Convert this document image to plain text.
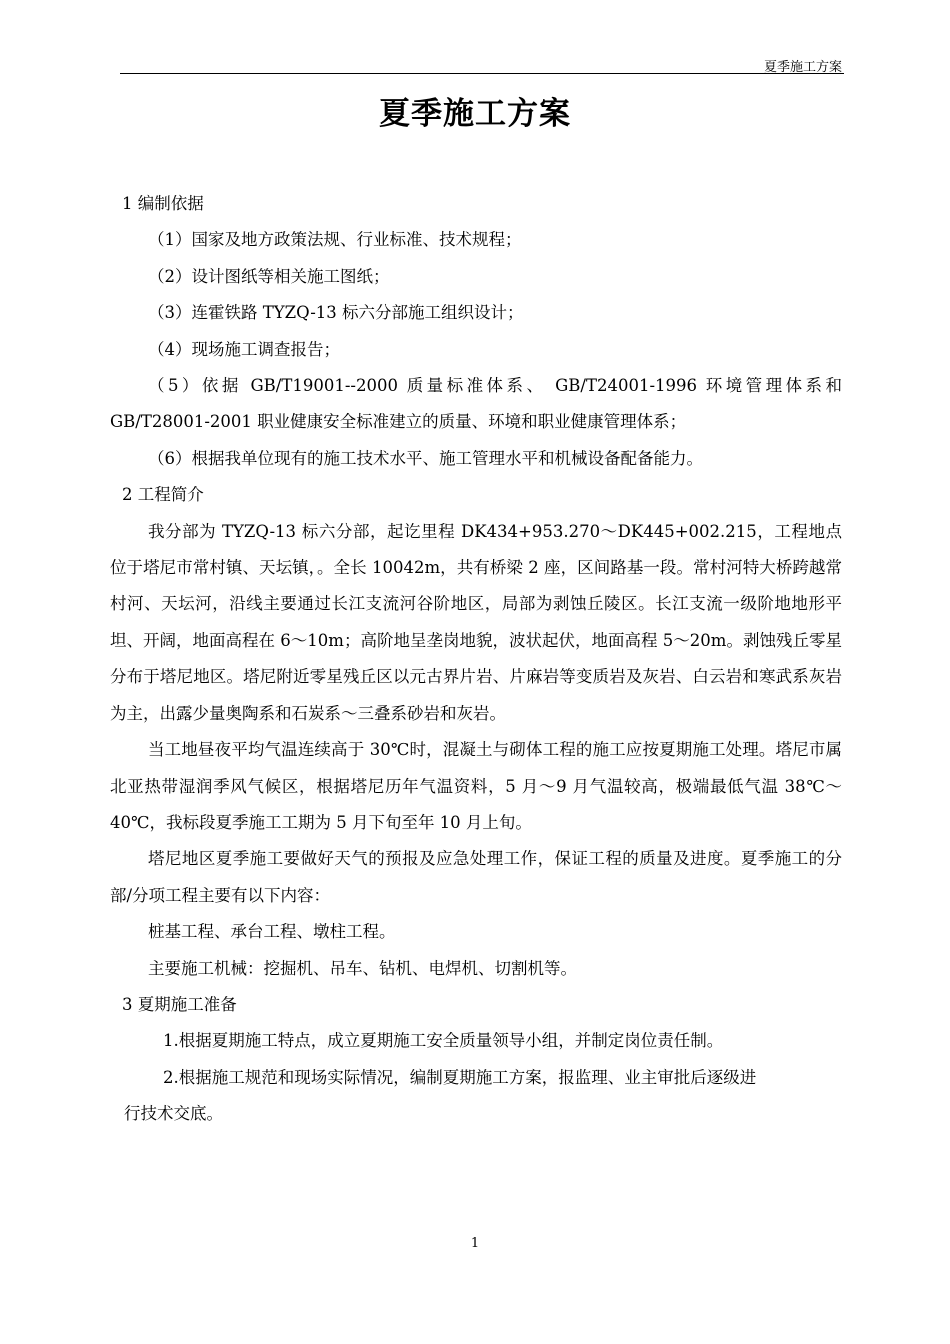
夏季施工方案
夏季施工方案

1 编制依据

（1）国家及地方政策法规、行业标准、技术规程；

（2）设计图纸等相关施工图纸；

（3）连霍铁路 TYZQ-13 标六分部施工组织设计；

（4）现场施工调查报告；

（5）依据 GB/T19001--2000 质量标准体系、 GB/T24001-1996 环境管理体系和 GB/T28001-2001 职业健康安全标准建立的质量、环境和职业健康管理体系；

（6）根据我单位现有的施工技术水平、施工管理水平和机械设备配备能力。

2 工程简介

我分部为 TYZQ-13 标六分部，起讫里程 DK434+953.270～DK445+002.215，工程地点位于塔尼市常村镇、天坛镇，。全长 10042m，共有桥梁 2 座，区间路基一段。常村河特大桥跨越常村河、天坛河，沿线主要通过长江支流河谷阶地区，局部为剥蚀丘陵区。长江支流一级阶地地形平坦、开阔，地面高程在 6～10m；高阶地呈垄岗地貌，波状起伏，地面高程 5～20m。剥蚀残丘零星分布于塔尼地区。塔尼附近零星残丘区以元古界片岩、片麻岩等变质岩及灰岩、白云岩和寒武系灰岩为主，出露少量奥陶系和石炭系～三叠系砂岩和灰岩。

当工地昼夜平均气温连续高于 30℃时，混凝土与砌体工程的施工应按夏期施工处理。塔尼市属北亚热带湿润季风气候区，根据塔尼历年气温资料，5 月～9 月气温较高，极端最低气温 38℃～40℃，我标段夏季施工工期为 5 月下旬至年 10 月上旬。

塔尼地区夏季施工要做好天气的预报及应急处理工作，保证工程的质量及进度。夏季施工的分部/分项工程主要有以下内容：

桩基工程、承台工程、墩柱工程。

主要施工机械：挖掘机、吊车、钻机、电焊机、切割机等。

3 夏期施工准备

1.根据夏期施工特点，成立夏期施工安全质量领导小组，并制定岗位责任制。

2.根据施工规范和现场实际情况，编制夏期施工方案，报监理、业主审批后逐级进

行技术交底。

1
